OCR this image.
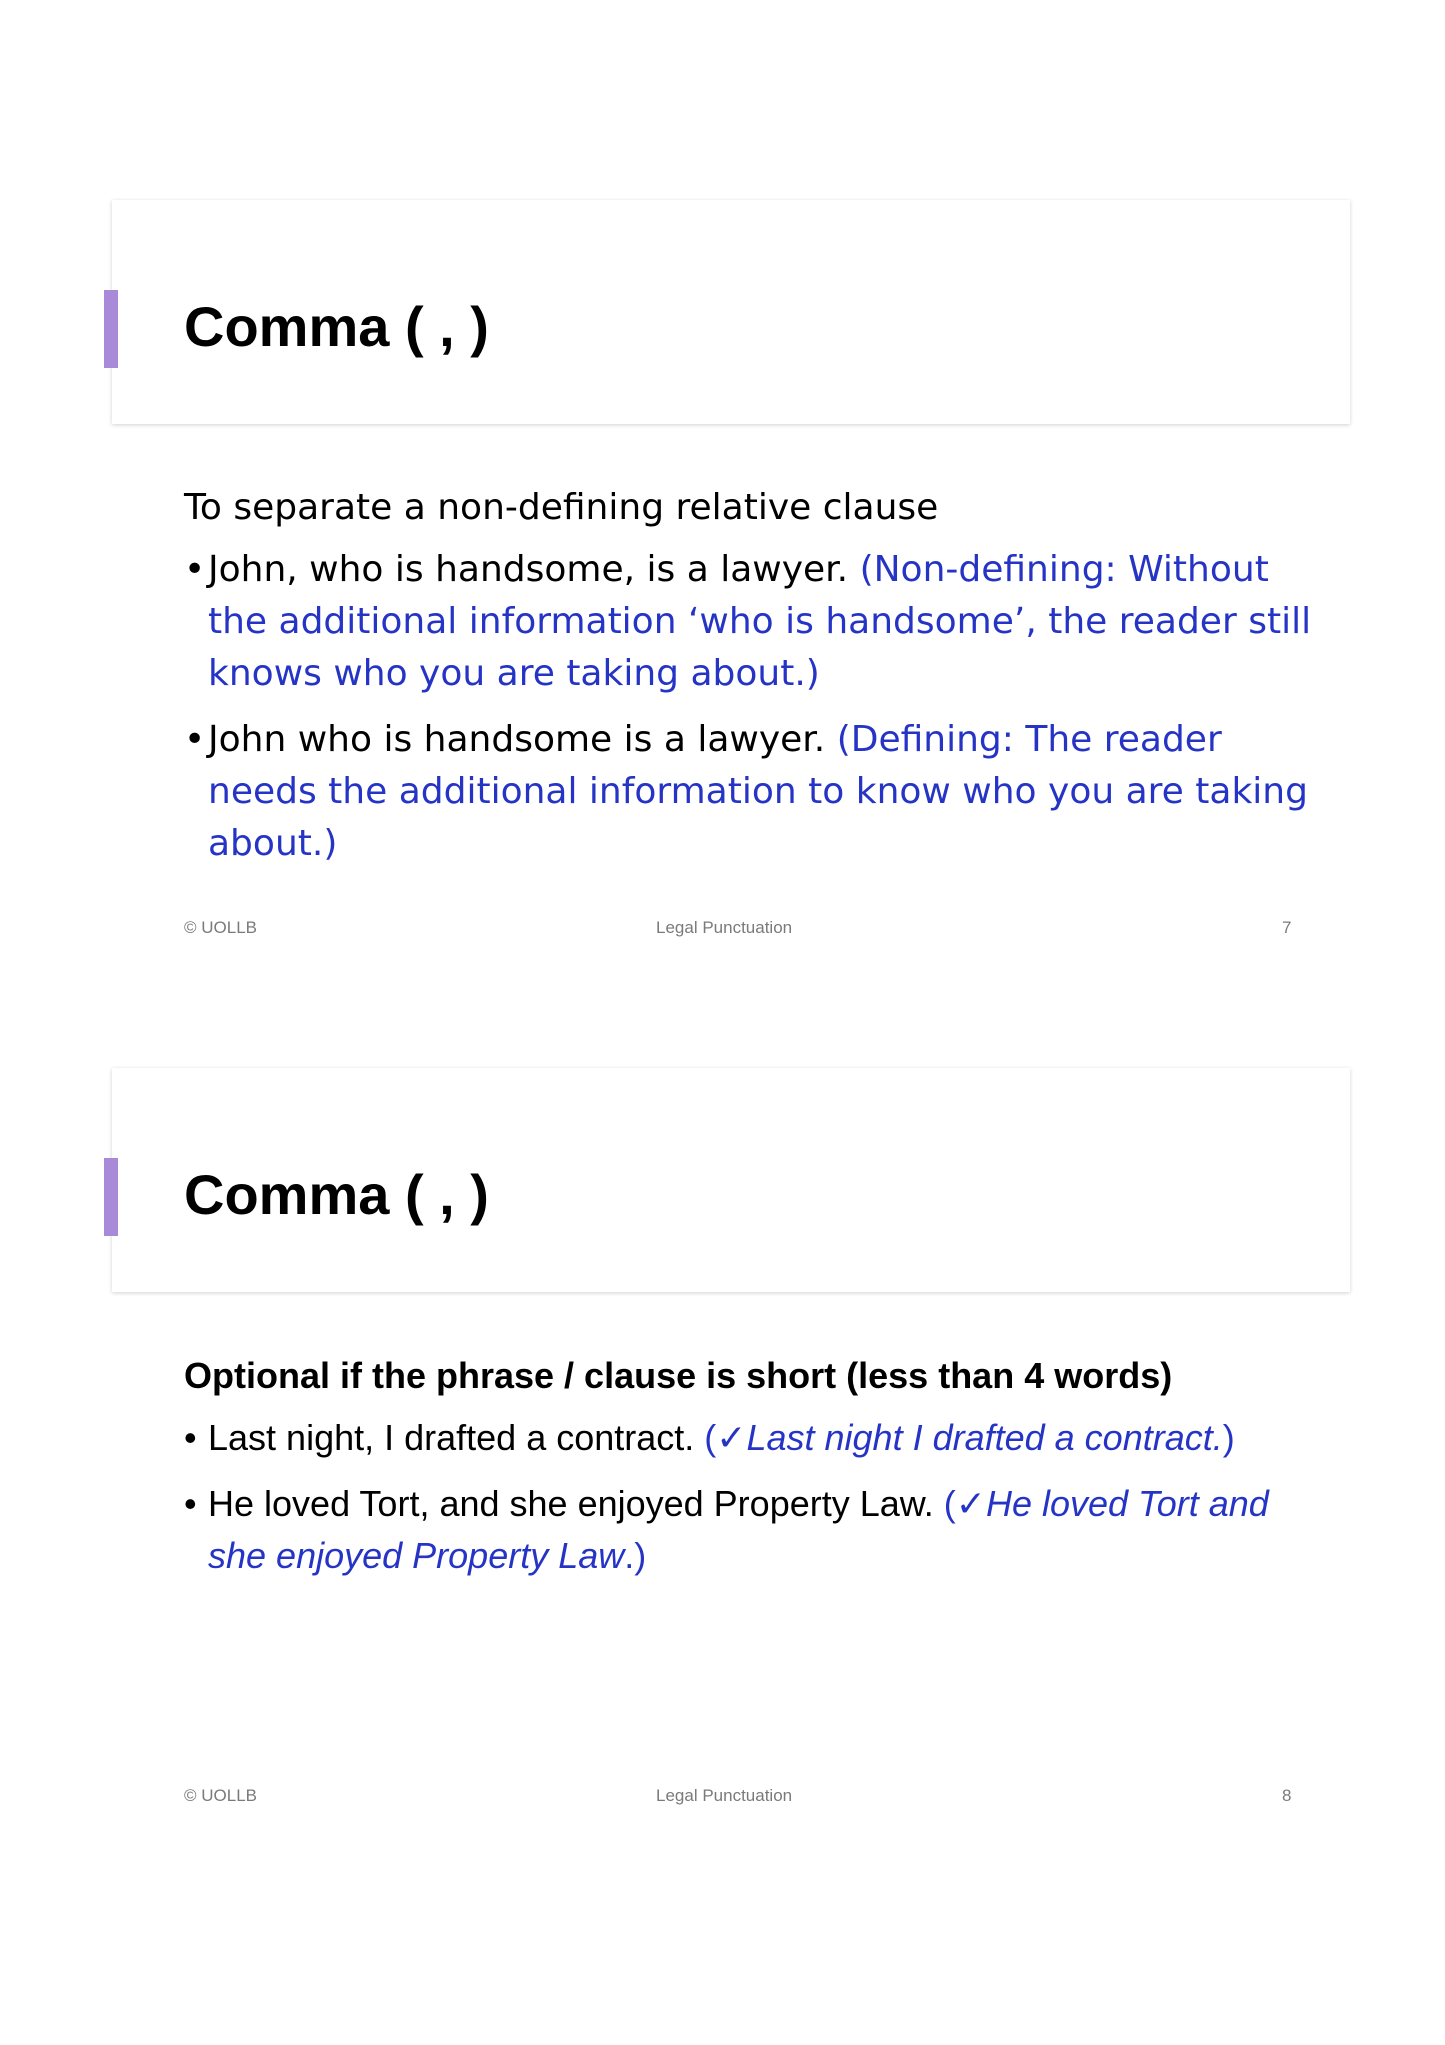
Comma ( , )

To separate a non-defining relative clause

• John, who is handsome, is a lawyer. (Non-defining: Without the additional information ‘who is handsome’, the reader still knows who you are taking about.)
• John who is handsome is a lawyer. (Defining: The reader needs the additional information to know who you are taking about.)
© UOLLB	Legal Punctuation	7
Comma ( , )

Optional if the phrase / clause is short (less than 4 words)

• Last night, I drafted a contract. (✓Last night I drafted a contract.)
• He loved Tort, and she enjoyed Property Law. (✓He loved Tort and she enjoyed Property Law.)
© UOLLB	Legal Punctuation	8
